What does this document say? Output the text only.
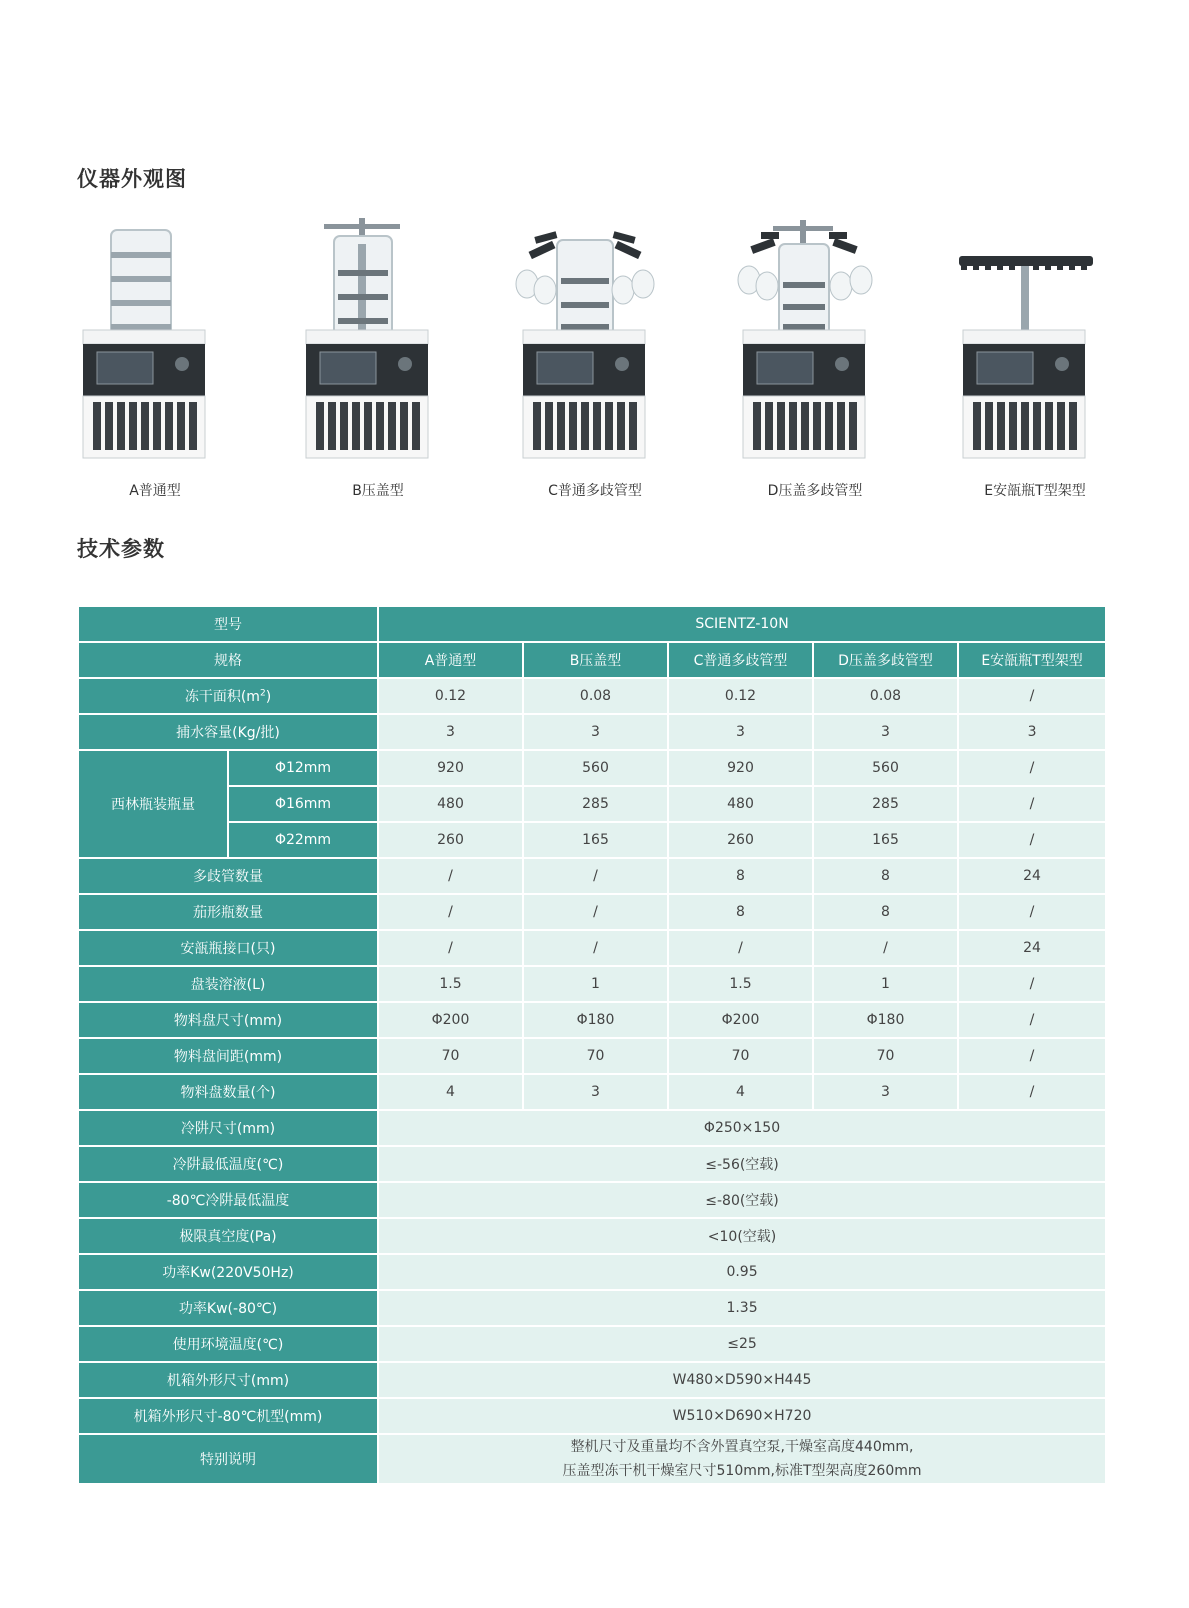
仪器外观图
A普通型	B压盖型	C普通多歧管型	D压盖多歧管型	E安瓿瓶T型架型
技术参数
型号		SCIENTZ-10N				
规格		A普通型	B压盖型	C普通多歧管型	D压盖多歧管型	E安瓿瓶T型架型
冻干面积$(m^2)$		0.12	0.08	0.12	0.08	/
捕水容量(Kg/批)		3	3	3	3	3
西林瓶装瓶量	Φ12mm	920	560	920	560	/
	Φ16mm	480	285	480	285	/
	Φ22mm	260	165	260	165	/
多歧管数量		/	/	8	8	24
茄形瓶数量		/	/	8	8	/
安瓿瓶接口(只)		/	/	/	/	24
盘装溶液(L)		1.5	1	1.5	1	/
物料盘尺寸(mm)		Φ200	Φ180	Φ200	Φ180	/
物料盘间距(mm)		70	70	70	70	/
物料盘数量(个)		4	3	4	3	/
冷阱尺寸(mm)		Φ250×150				
冷阱最低温度(℃)		≤-56(空载)				
-80℃冷阱最低温度		≤-80(空载)				
极限真空度(Pa)		<10(空载)				
功率Kw(220V50Hz)		0.95				
功率Kw(-80℃)		1.35				
使用环境温度(℃)		≤25				
机箱外形尺寸(mm)		W480×D590×H445				
机箱外形尺寸-80℃机型(mm)		W510×D690×H720				
特别说明		整机尺寸及重量均不含外置真空泵,干燥室高度440mm,
压盖型冻干机干燥室尺寸510mm,标准T型架高度260mm				
